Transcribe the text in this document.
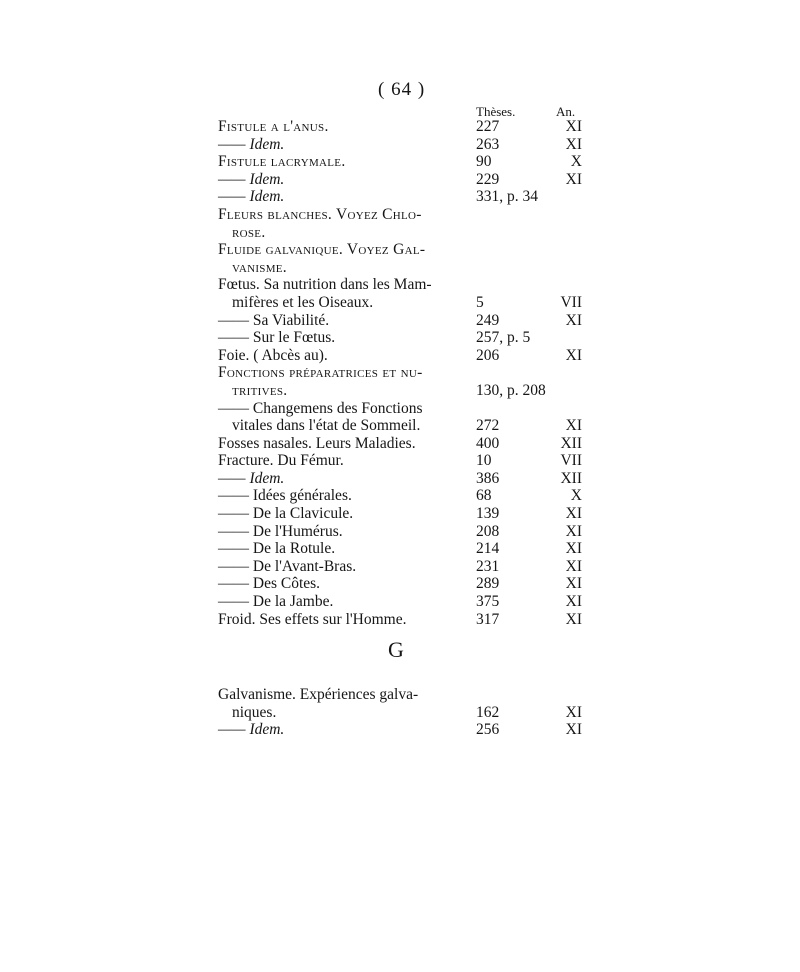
( 64 )
Thèses.	An.
Fistule a l'anus.	227	XI
—— Idem.	263	XI
Fistule lacrymale.	90	X
—— Idem.	229	XI
—— Idem.	331, p. 34
Fleurs blanches. Voyez Chlo-
rose.
Fluide galvanique. Voyez Gal-
vanisme.
Fœtus. Sa nutrition dans les Mam-
mifères et les Oiseaux.	5	VII
—— Sa Viabilité.	249	XI
—— Sur le Fœtus.	257, p. 5
Foie. ( Abcès au).	206	XI
Fonctions préparatrices et nu-
tritives.	130, p. 208
—— Changemens des Fonctions
vitales dans l'état de Sommeil.	272	XI
Fosses nasales. Leurs Maladies.	400	XII
Fracture. Du Fémur.	10	VII
—— Idem.	386	XII
—— Idées générales.	68	X
—— De la Clavicule.	139	XI
—— De l'Humérus.	208	XI
—— De la Rotule.	214	XI
—— De l'Avant-Bras.	231	XI
—— Des Côtes.	289	XI
—— De la Jambe.	375	XI
Froid. Ses effets sur l'Homme.	317	XI
G
Galvanisme. Expériences galva-
niques.	162	XI
—— Idem.	256	XI
